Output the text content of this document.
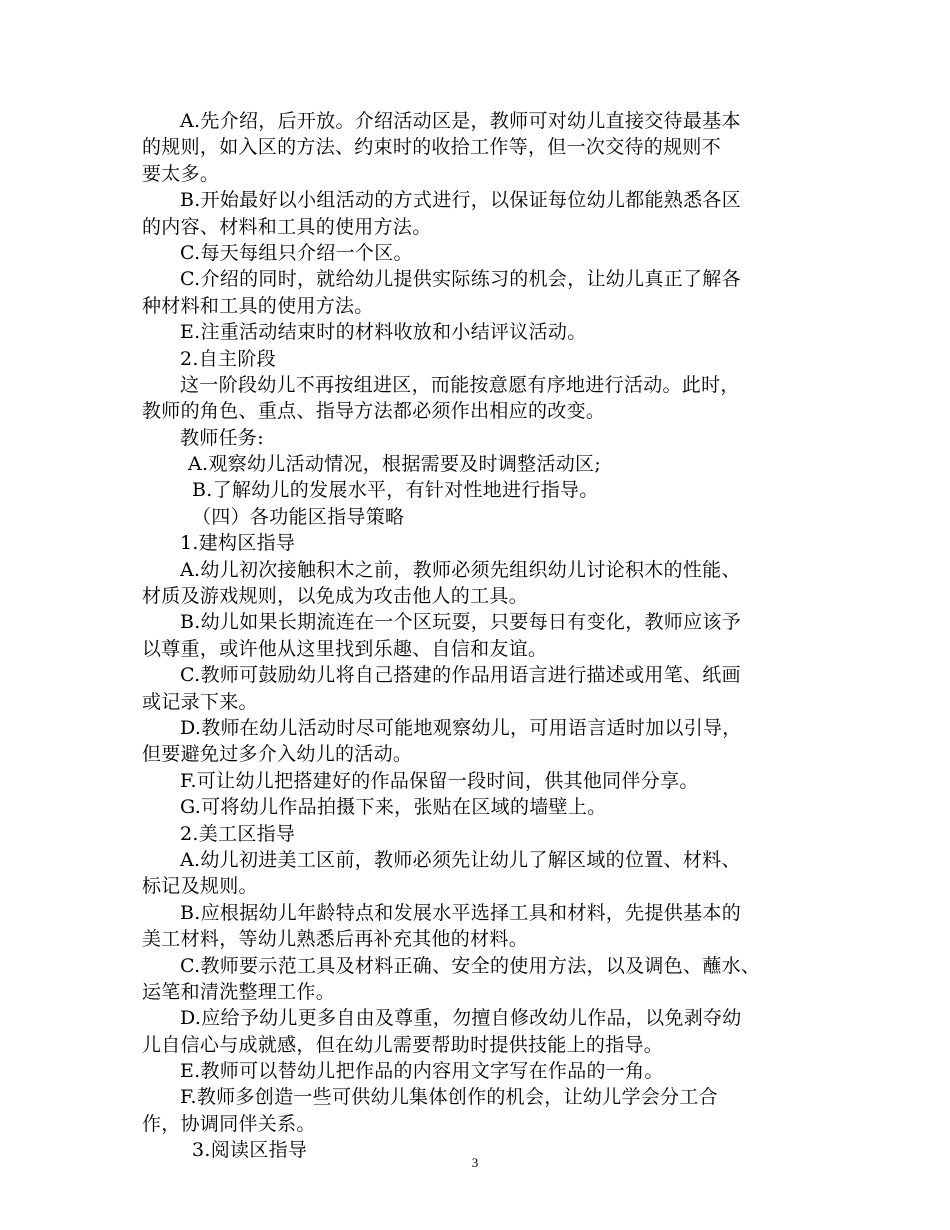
A.先介绍，后开放。介绍活动区是，教师可对幼儿直接交待最基本
的规则，如入区的方法、约束时的收拾工作等，但一次交待的规则不
要太多。
B.开始最好以小组活动的方式进行，以保证每位幼儿都能熟悉各区
的内容、材料和工具的使用方法。
C.每天每组只介绍一个区。
C.介绍的同时，就给幼儿提供实际练习的机会，让幼儿真正了解各
种材料和工具的使用方法。
E.注重活动结束时的材料收放和小结评议活动。
2.自主阶段
这一阶段幼儿不再按组进区，而能按意愿有序地进行活动。此时，
教师的角色、重点、指导方法都必须作出相应的改变。
教师任务:
A.观察幼儿活动情况，根据需要及时调整活动区;
B.了解幼儿的发展水平，有针对性地进行指导。
（四）各功能区指导策略
1.建构区指导
A.幼儿初次接触积木之前，教师必须先组织幼儿讨论积木的性能、
材质及游戏规则，以免成为攻击他人的工具。
B.幼儿如果长期流连在一个区玩耍，只要每日有变化，教师应该予
以尊重，或许他从这里找到乐趣、自信和友谊。
C.教师可鼓励幼儿将自己搭建的作品用语言进行描述或用笔、纸画
或记录下来。
D.教师在幼儿活动时尽可能地观察幼儿，可用语言适时加以引导，
但要避免过多介入幼儿的活动。
F.可让幼儿把搭建好的作品保留一段时间，供其他同伴分享。
G.可将幼儿作品拍摄下来，张贴在区域的墙壁上。
2.美工区指导
A.幼儿初进美工区前，教师必须先让幼儿了解区域的位置、材料、
标记及规则。
B.应根据幼儿年龄特点和发展水平选择工具和材料，先提供基本的
美工材料，等幼儿熟悉后再补充其他的材料。
C.教师要示范工具及材料正确、安全的使用方法，以及调色、蘸水、
运笔和清洗整理工作。
D.应给予幼儿更多自由及尊重，勿擅自修改幼儿作品，以免剥夺幼
儿自信心与成就感，但在幼儿需要帮助时提供技能上的指导。
E.教师可以替幼儿把作品的内容用文字写在作品的一角。
F.教师多创造一些可供幼儿集体创作的机会，让幼儿学会分工合
作，协调同伴关系。
3.阅读区指导
3
